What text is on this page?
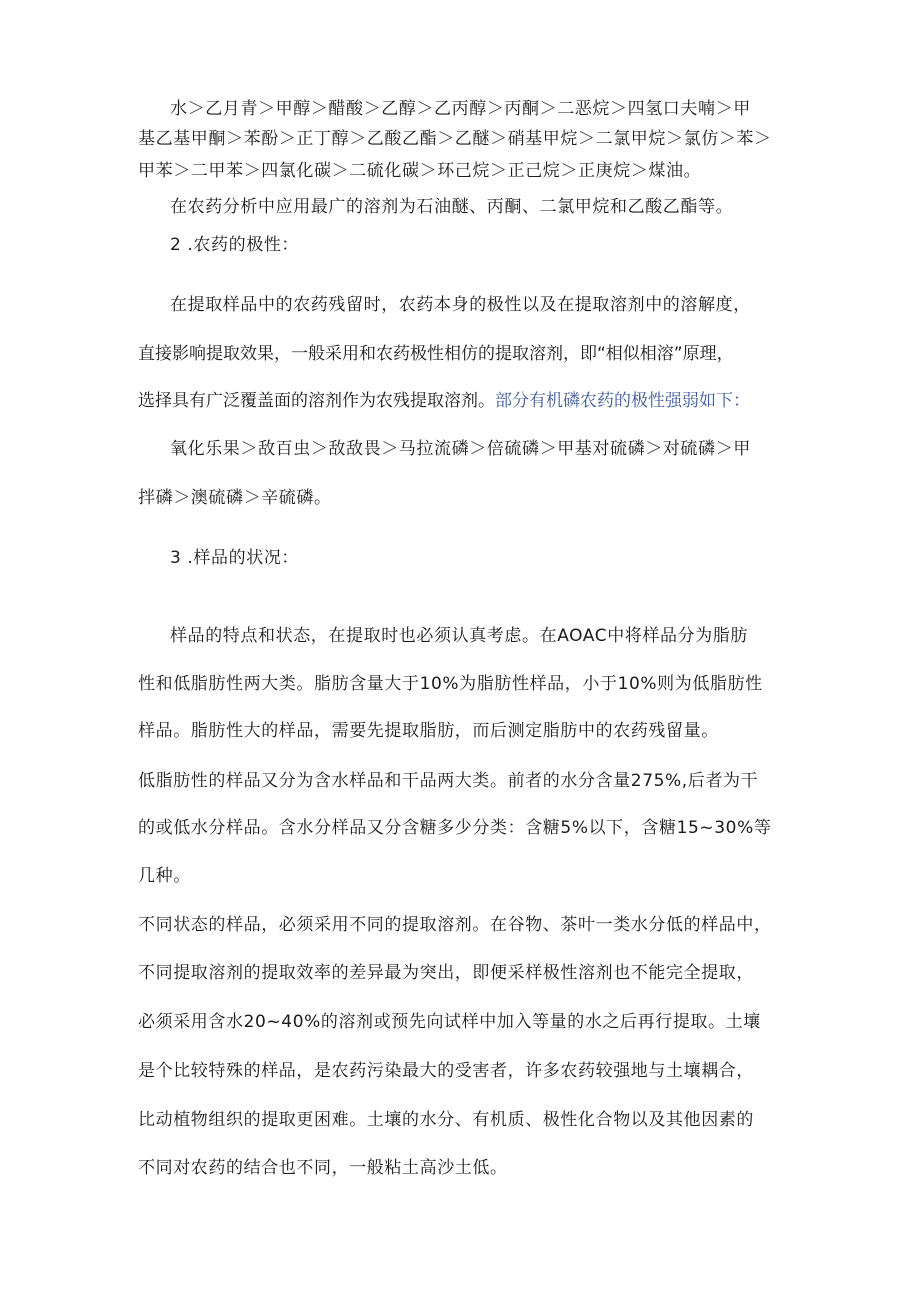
水＞乙月青＞甲醇＞醋酸＞乙醇＞乙丙醇＞丙酮＞二恶烷＞四氢口夫喃＞甲
基乙基甲酮＞苯酚＞正丁醇＞乙酸乙酯＞乙醚＞硝基甲烷＞二氯甲烷＞氯仿＞苯＞
甲苯＞二甲苯＞四氯化碳＞二硫化碳＞环己烷＞正己烷＞正庚烷＞煤油。
在农药分析中应用最广的溶剂为石油醚、丙酮、二氯甲烷和乙酸乙酯等。
2 .农药的极性：
在提取样品中的农药残留时，农药本身的极性以及在提取溶剂中的溶解度，
直接影响提取效果，一般采用和农药极性相仿的提取溶剂，即“相似相溶”原理，
选择具有广泛覆盖面的溶剂作为农残提取溶剂。部分有机磷农药的极性强弱如下：
氧化乐果＞敌百虫＞敌敌畏＞马拉流磷＞倍硫磷＞甲基对硫磷＞对硫磷＞甲
拌磷＞澳硫磷＞辛硫磷。
3 .样品的状况：
样品的特点和状态，在提取时也必须认真考虑。在AOAC中将样品分为脂肪
性和低脂肪性两大类。脂肪含量大于10%为脂肪性样品，小于10%则为低脂肪性
样品。脂肪性大的样品，需要先提取脂肪，而后测定脂肪中的农药残留量。
低脂肪性的样品又分为含水样品和干品两大类。前者的水分含量275%,后者为干
的或低水分样品。含水分样品又分含糖多少分类：含糖5%以下，含糖15~30%等
几种。
不同状态的样品，必须采用不同的提取溶剂。在谷物、茶叶一类水分低的样品中，
不同提取溶剂的提取效率的差异最为突出，即便采样极性溶剂也不能完全提取，
必须采用含水20~40%的溶剂或预先向试样中加入等量的水之后再行提取。土壤
是个比较特殊的样品，是农药污染最大的受害者，许多农药较强地与土壤耦合，
比动植物组织的提取更困难。土壤的水分、有机质、极性化合物以及其他因素的
不同对农药的结合也不同，一般粘土高沙土低。
